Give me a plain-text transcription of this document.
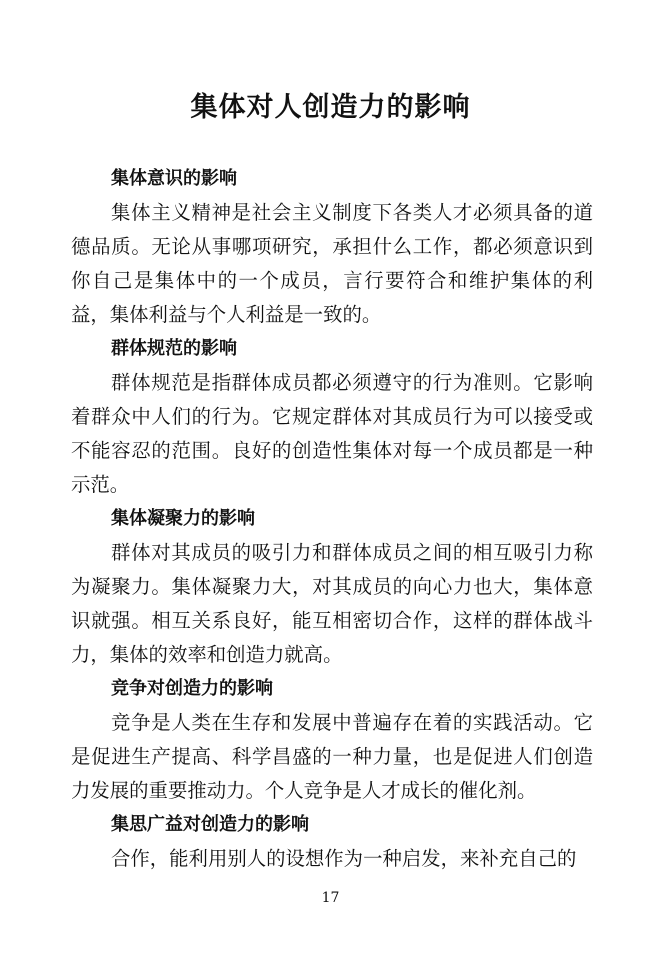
集体对人创造力的影响
集体意识的影响

集体主义精神是社会主义制度下各类人才必须具备的道德品质。无论从事哪项研究，承担什么工作，都必须意识到你自己是集体中的一个成员，言行要符合和维护集体的利益，集体利益与个人利益是一致的。

群体规范的影响

群体规范是指群体成员都必须遵守的行为准则。它影响着群众中人们的行为。它规定群体对其成员行为可以接受或不能容忍的范围。良好的创造性集体对每一个成员都是一种示范。

集体凝聚力的影响

群体对其成员的吸引力和群体成员之间的相互吸引力称为凝聚力。集体凝聚力大，对其成员的向心力也大，集体意识就强。相互关系良好，能互相密切合作，这样的群体战斗力，集体的效率和创造力就高。

竞争对创造力的影响

竞争是人类在生存和发展中普遍存在着的实践活动。它是促进生产提高、科学昌盛的一种力量，也是促进人们创造力发展的重要推动力。个人竞争是人才成长的催化剂。

集思广益对创造力的影响

合作，能利用别人的设想作为一种启发，来补充自己的

17
